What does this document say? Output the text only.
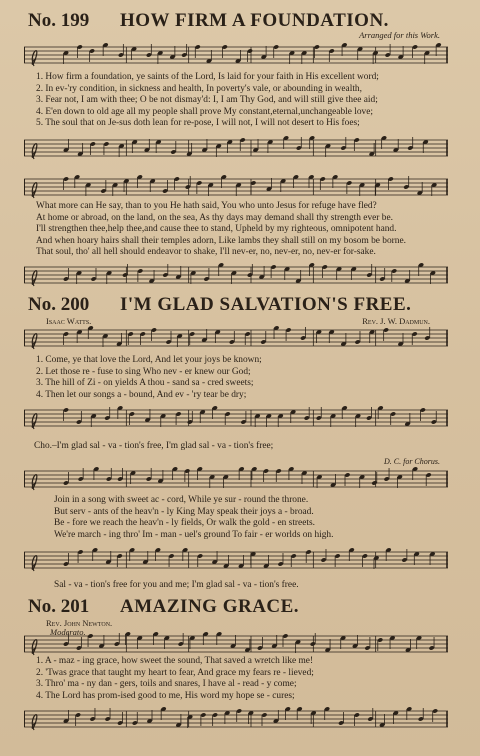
No. 199	HOW FIRM A FOUNDATION.
Arranged for this Work.
1. How firm a foundation, ye saints of the Lord, Is laid for your faith in His excellent word;
2. In ev-'ry condition, in sickness and health, In poverty's vale, or abounding in wealth,
3. Fear not, I am with thee; O be not dismay'd: I, I am Thy God, and will still give thee aid;
4. E'en down to old age all my people shall prove My constant,eternal,unchangeable love;
5. The soul that on Je-sus doth lean for re-pose, I will not, I will not desert to His foes;
What more can He say, than to you He hath said, You who unto Jesus for refuge have fled?
At home or abroad, on the land, on the sea, As thy days may demand shall thy strength ever be.
I'll strengthen thee,help thee,and cause thee to stand, Upheld by my righteous, omnipotent hand.
And when hoary hairs shall their temples adorn, Like lambs they shall still on my bosom be borne.
That soul, tho' all hell should endeavor to shake, I'll nev-er, no, nev-er, no, nev-er for-sake.
No. 200	I'M GLAD SALVATION'S FREE.
Isaac Watts.	Rev. J. W. Dadmun.
1. Come, ye that love the Lord, And let your joys be known;
2. Let those re - fuse to sing Who nev - er knew our God;
3. The hill of Zi - on yields A thou - sand sa - cred sweets;
4. Then let our songs a - bound, And ev - 'ry tear be dry;
Cho.–I'm glad sal - va - tion's free, I'm glad sal - va - tion's free;
D. C. for Chorus.
Join in a song with sweet ac - cord, While ye sur - round the throne.
But serv - ants of the heav'n - ly King May speak their joys a - broad.
Be - fore we reach the heav'n - ly fields, Or walk the gold - en streets.
We're march - ing thro' Im - man - uel's ground To fair - er worlds on high.
Sal - va - tion's free for you and me; I'm glad sal - va - tion's free.
No. 201	AMAZING GRACE.
Rev. John Newton.
Moderato.
1. A - maz - ing grace, how sweet the sound, That saved a wretch like me!
2. 'Twas grace that taught my heart to fear, And grace my fears re - lieved;
3. Thro' ma - ny dan - gers, toils and snares, I have al - read - y come;
4. The Lord has prom-ised good to me, His word my hope se - cures;
